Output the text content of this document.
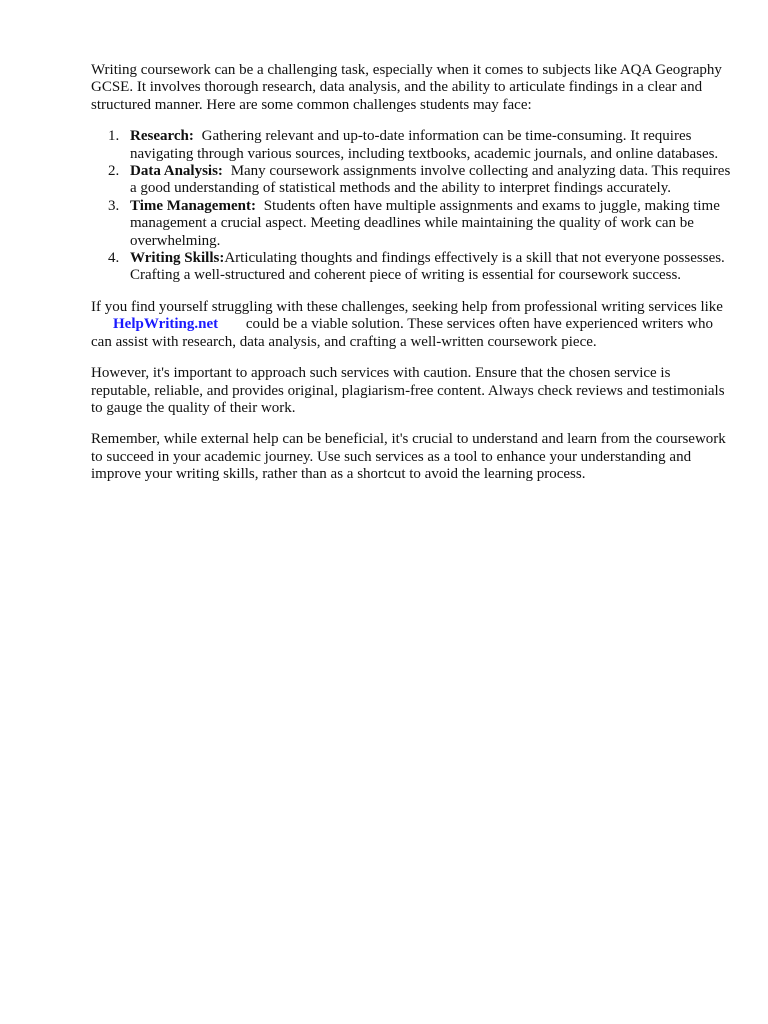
Writing coursework can be a challenging task, especially when it comes to subjects like AQA Geography GCSE. It involves thorough research, data analysis, and the ability to articulate findings in a clear and structured manner. Here are some common challenges students may face:

1. Research: Gathering relevant and up-to-date information can be time-consuming. It requires navigating through various sources, including textbooks, academic journals, and online databases.
2. Data Analysis: Many coursework assignments involve collecting and analyzing data. This requires a good understanding of statistical methods and the ability to interpret findings accurately.
3. Time Management: Students often have multiple assignments and exams to juggle, making time management a crucial aspect. Meeting deadlines while maintaining the quality of work can be overwhelming.
4. Writing Skills:Articulating thoughts and findings effectively is a skill that not everyone possesses. Crafting a well-structured and coherent piece of writing is essential for coursework success.

If you find yourself struggling with these challenges, seeking help from professional writing services like HelpWriting.net could be a viable solution. These services often have experienced writers who can assist with research, data analysis, and crafting a well-written coursework piece.

However, it's important to approach such services with caution. Ensure that the chosen service is reputable, reliable, and provides original, plagiarism-free content. Always check reviews and testimonials to gauge the quality of their work.

Remember, while external help can be beneficial, it's crucial to understand and learn from the coursework to succeed in your academic journey. Use such services as a tool to enhance your understanding and improve your writing skills, rather than as a shortcut to avoid the learning process.
